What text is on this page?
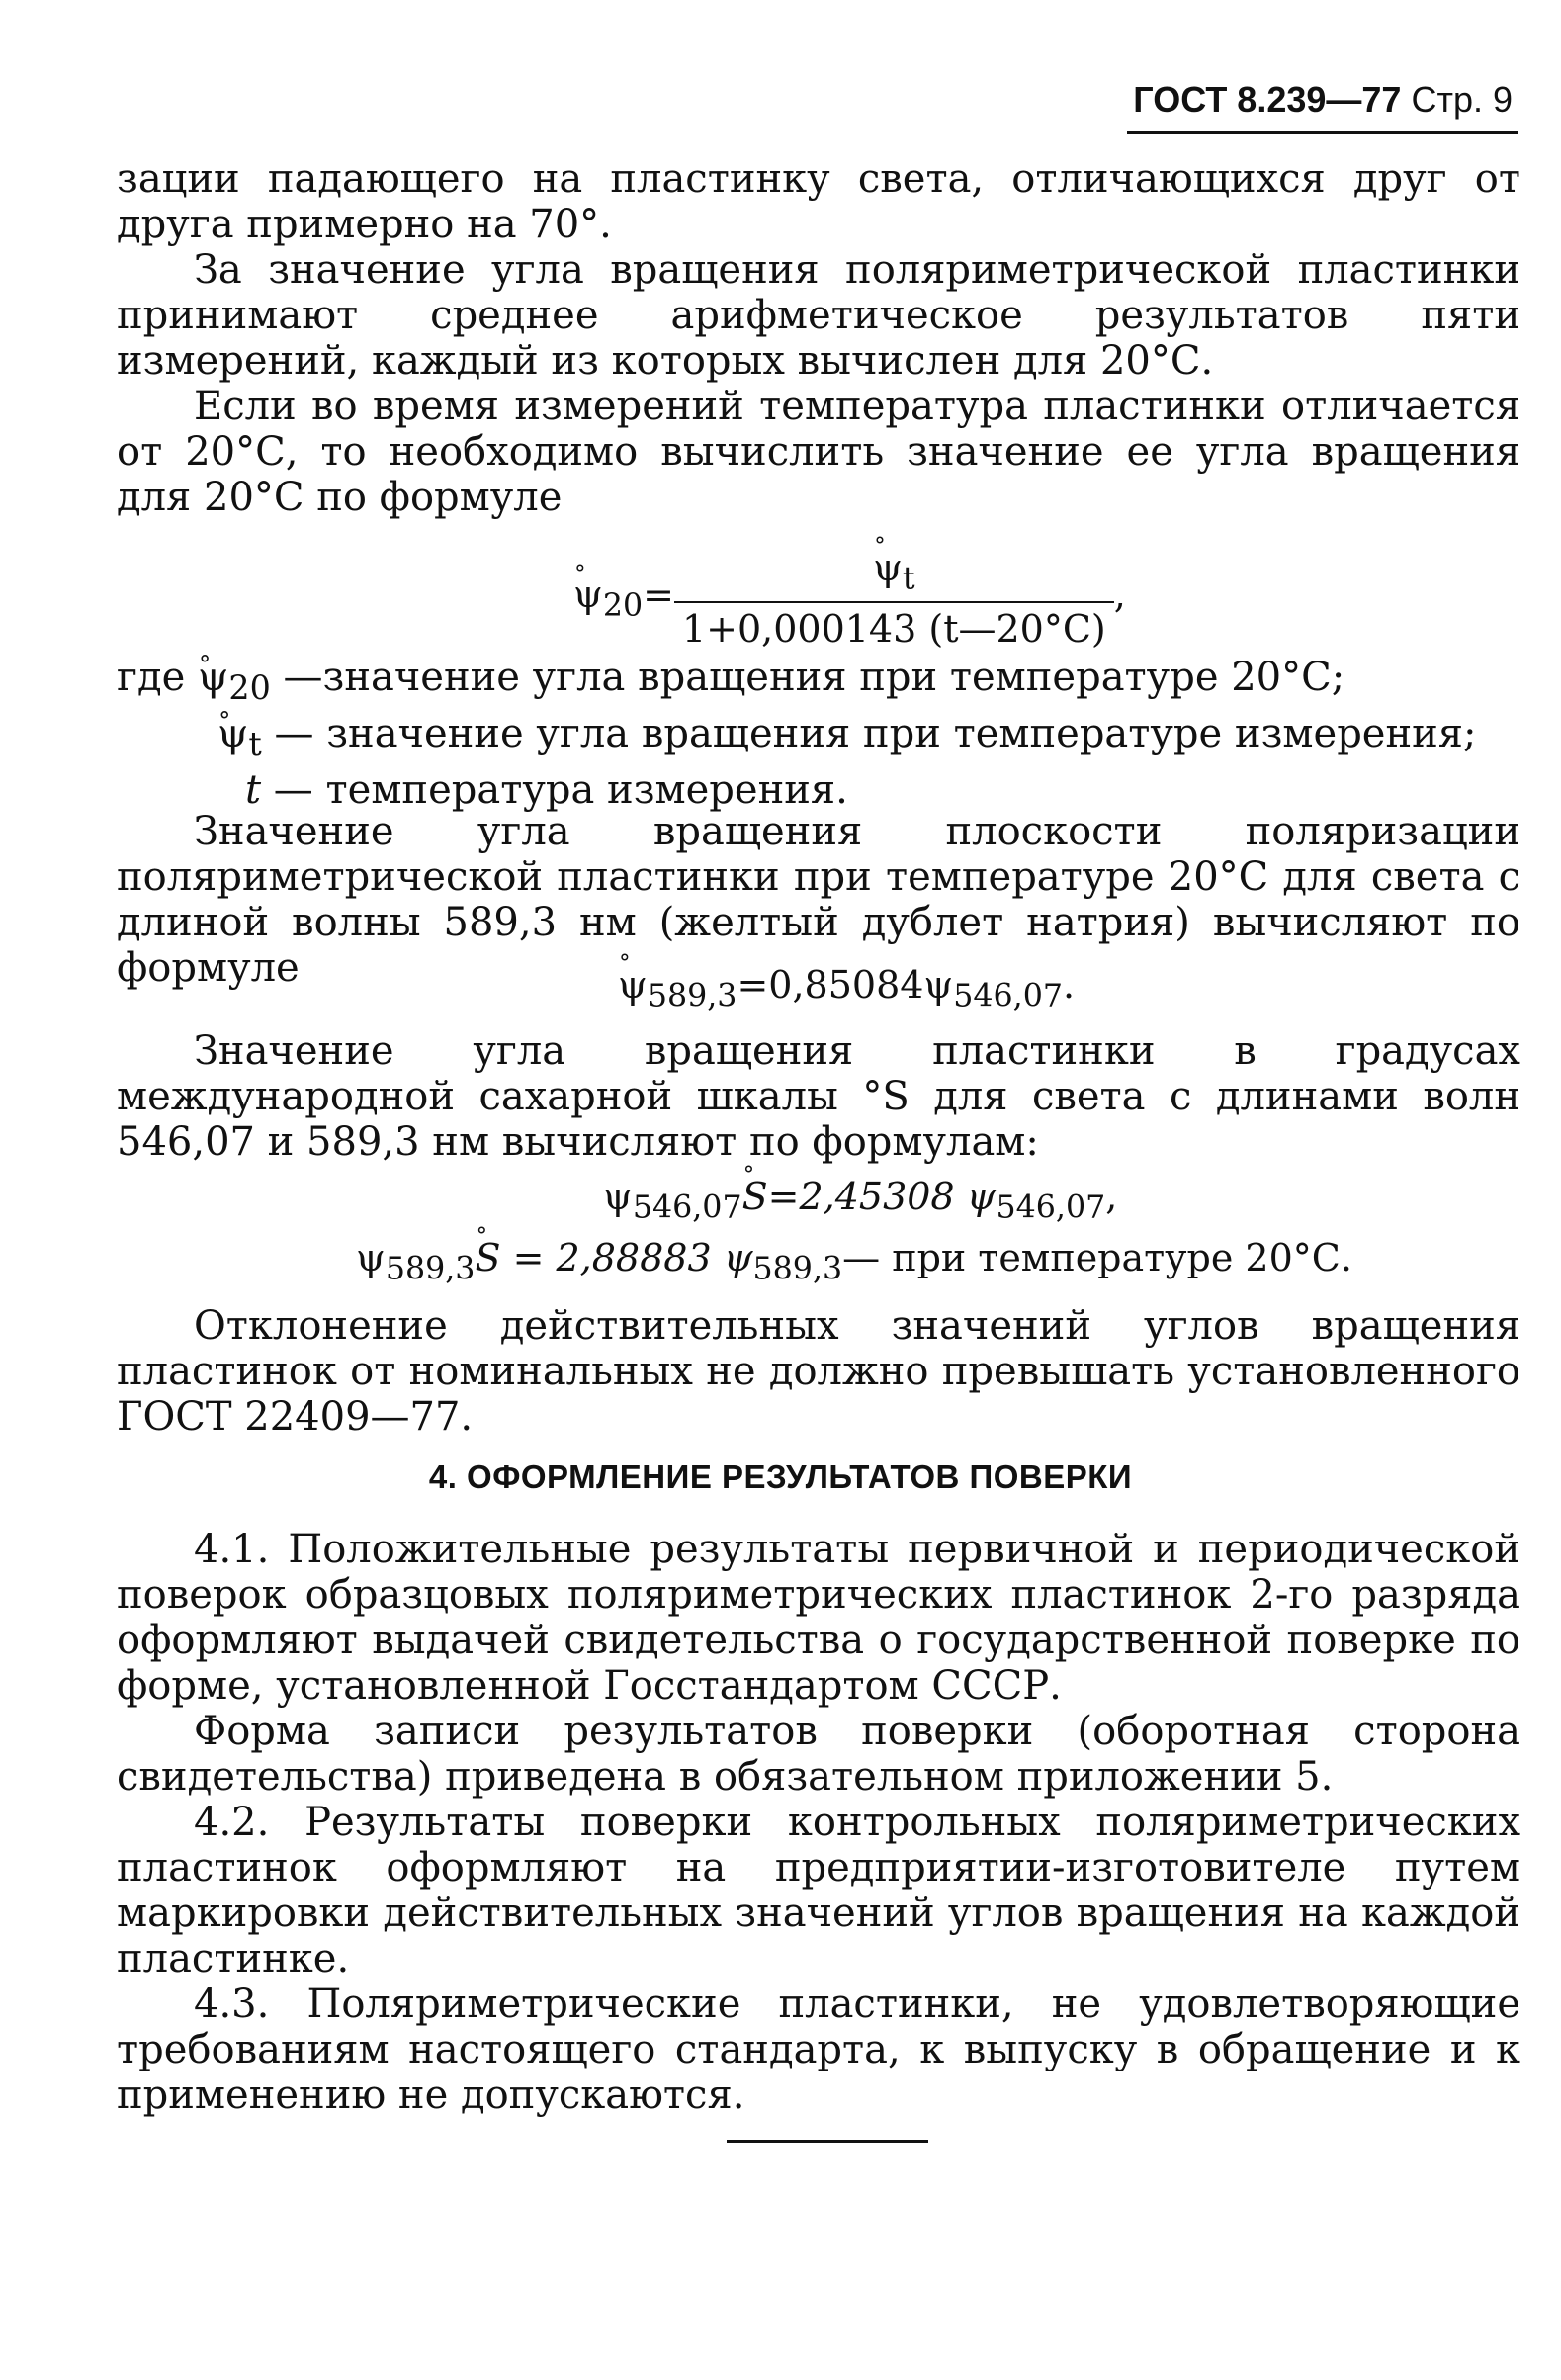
ГОСТ 8.239—77 Стр. 9

зации падающего на пластинку света, отличающихся друг от друга примерно на 70°.

За значение угла вращения поляриметрической пластинки принимают среднее арифметическое результатов пяти измерений, каждый из которых вычислен для 20°С.

Если во время измерений температура пластинки отличается от 20°С, то необходимо вычислить значение ее угла вращения для 20°С по формуле

° $\psi_{20}=$ ° $\frac{\psi_t}{1+0,000143 (t—20^\circ C)}$ ,
где ° $\psi_{20}$ —значение угла вращения при температуре 20°С;
° $\psi_t$ — значение угла вращения при температуре измерения;
t — температура измерения.

Значение угла вращения плоскости поляризации поляриметрической пластинки при температуре 20°С для света с длиной волны 589,3 нм (желтый дублет натрия) вычисляют по формуле	° $\psi_{589,3}=0,85084\psi_{546,07}$.

Значение угла вращения пластинки в градусах международной сахарной шкалы °S для света с длинами волн 546,07 и 589,3 нм вычисляют по формулам:

$\psi_{546,07}^\circ$ S=2,45308 $\psi_{546,07}$,
$\psi_{589,3}^\circ$ S = 2,88883 $\psi_{589,3}—$ при температуре 20°С.

Отклонение действительных значений углов вращения пластинок от номинальных не должно превышать установленного ГОСТ 22409—77.

4. ОФОРМЛЕНИЕ РЕЗУЛЬТАТОВ ПОВЕРКИ

4.1. Положительные результаты первичной и периодической поверок образцовых поляриметрических пластинок 2-го разряда оформляют выдачей свидетельства о государственной поверке по форме, установленной Госстандартом СССР.

Форма записи результатов поверки (оборотная сторона свидетельства) приведена в обязательном приложении 5.

4.2. Результаты поверки контрольных поляриметрических пластинок оформляют на предприятии-изготовителе путем маркировки действительных значений углов вращения на каждой пластинке.

4.3. Поляриметрические пластинки, не удовлетворяющие требованиям настоящего стандарта, к выпуску в обращение и к применению не допускаются.
